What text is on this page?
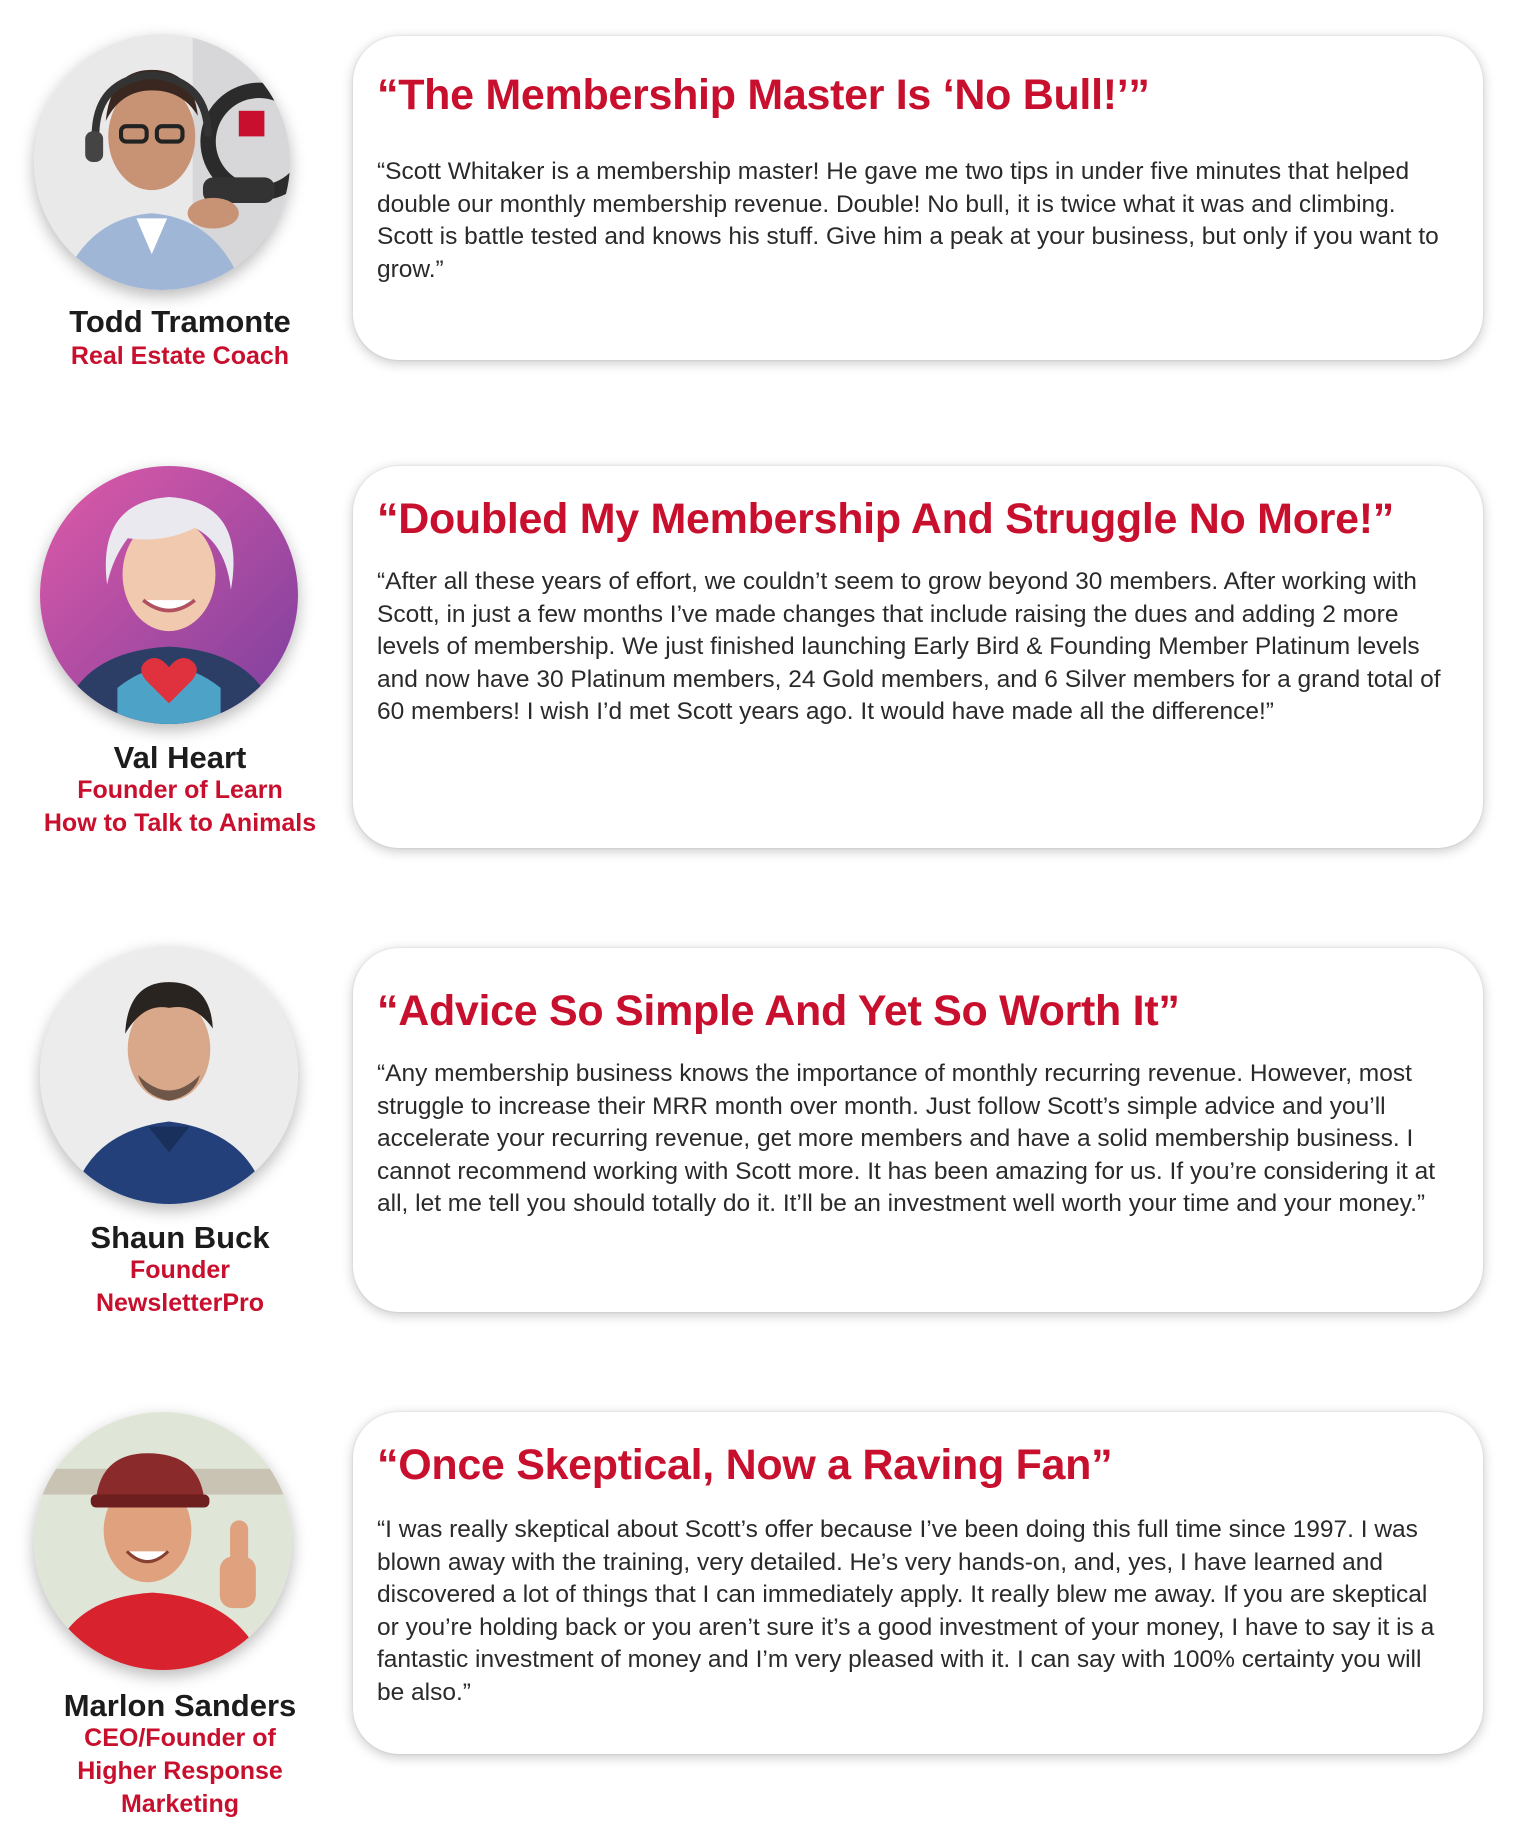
Todd Tramonte
Real Estate Coach
“The Membership Master Is ‘No Bull!’”

“Scott Whitaker is a membership master! He gave me two tips in under five minutes that helped double our monthly membership revenue. Double! No bull, it is twice what it was and climbing. Scott is battle tested and knows his stuff. Give him a peak at your business, but only if you want to grow.”

Val Heart
Founder of Learn
How to Talk to Animals
“Doubled My Membership And Struggle No More!”

“After all these years of effort, we couldn’t seem to grow beyond 30 members. After working with Scott, in just a few months I’ve made changes that include raising the dues and adding 2 more levels of membership. We just finished launching Early Bird & Founding Member Platinum levels and now have 30 Platinum members, 24 Gold members, and 6 Silver members for a grand total of 60 members! I wish I’d met Scott years ago. It would have made all the difference!”

Shaun Buck
Founder
NewsletterPro
“Advice So Simple And Yet So Worth It”

“Any membership business knows the importance of monthly recurring revenue. However, most struggle to increase their MRR month over month. Just follow Scott’s simple advice and you’ll accelerate your recurring revenue, get more members and have a solid membership business. I cannot recommend working with Scott more. It has been amazing for us. If you’re considering it at all, let me tell you should totally do it. It’ll be an investment well worth your time and your money.”

Marlon Sanders
CEO/Founder of
Higher Response
Marketing
“Once Skeptical, Now a Raving Fan”

“I was really skeptical about Scott’s offer because I’ve been doing this full time since 1997. I was blown away with the training, very detailed. He’s very hands-on, and, yes, I have learned and discovered a lot of things that I can immediately apply. It really blew me away. If you are skeptical or you’re holding back or you aren’t sure it’s a good investment of your money, I have to say it is a fantastic investment of money and I’m very pleased with it. I can say with 100% certainty you will be also.”
